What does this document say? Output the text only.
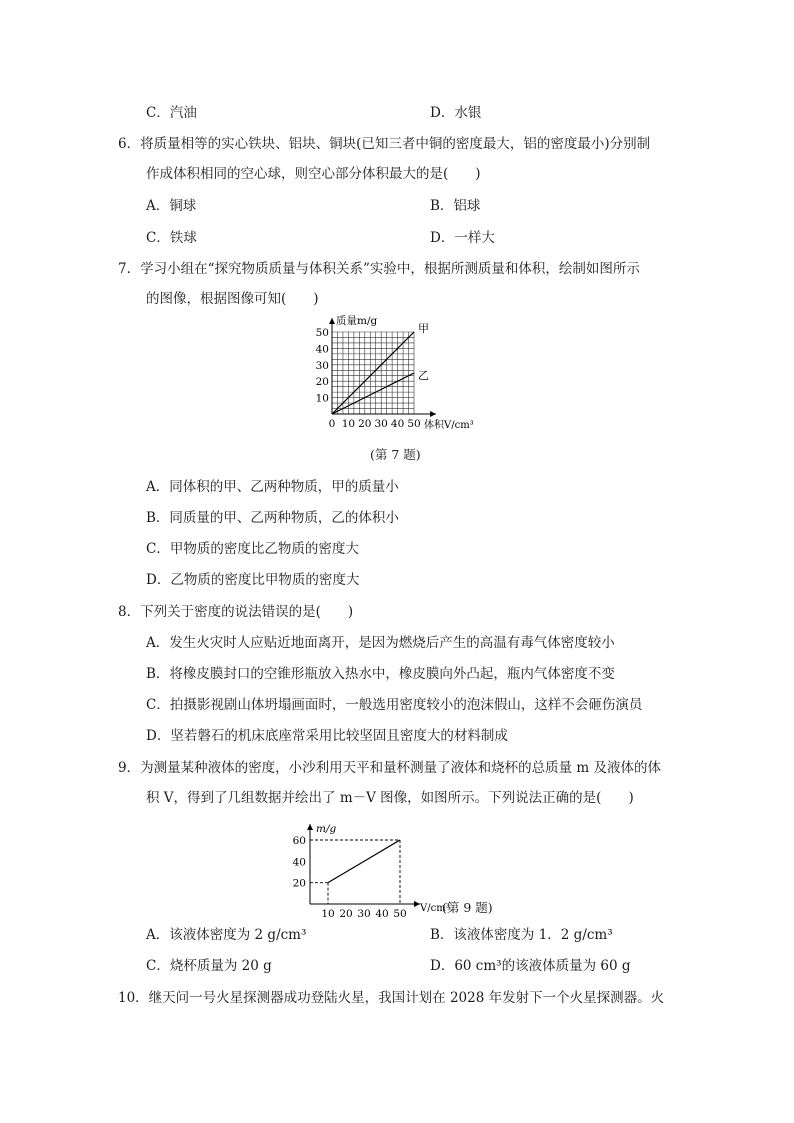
C．汽油	D．水银
6．将质量相等的实心铁块、铝块、铜块(已知三者中铜的密度最大，铝的密度最小)分别制
作成体积相同的空心球，则空心部分体积最大的是(　　)
A．铜球	B．铝球
C．铁球	D．一样大
7．学习小组在“探究物质质量与体积关系”实验中，根据所测质量和体积，绘制如图所示
的图像，根据图像可知(　　)
0 10 20 30 40 50
10
20
30
40
50
体积V/cm³
质量m/g
甲
乙
(第 7 题)
A．同体积的甲、乙两种物质，甲的质量小
B．同质量的甲、乙两种物质，乙的体积小
C．甲物质的密度比乙物质的密度大
D．乙物质的密度比甲物质的密度大
8．下列关于密度的说法错误的是(　　)
A．发生火灾时人应贴近地面离开，是因为燃烧后产生的高温有毒气体密度较小
B．将橡皮膜封口的空锥形瓶放入热水中，橡皮膜向外凸起，瓶内气体密度不变
C．拍摄影视剧山体坍塌画面时，一般选用密度较小的泡沫假山，这样不会砸伤演员
D．坚若磐石的机床底座常采用比较坚固且密度大的材料制成
9．为测量某种液体的密度，小沙利用天平和量杯测量了液体和烧杯的总质量 m 及液体的体
积 V，得到了几组数据并绘出了 m－V 图像，如图所示。下列说法正确的是(　　)
10 20 30 40 50
20
40
60
V/cm³
m/g
(第 9 题)
A．该液体密度为 2 g/cm³	B．该液体密度为 1．2 g/cm³
C．烧杯质量为 20 g	D．60 cm³的该液体质量为 60 g
10．继天问一号火星探测器成功登陆火星，我国计划在 2028 年发射下一个火星探测器。火
